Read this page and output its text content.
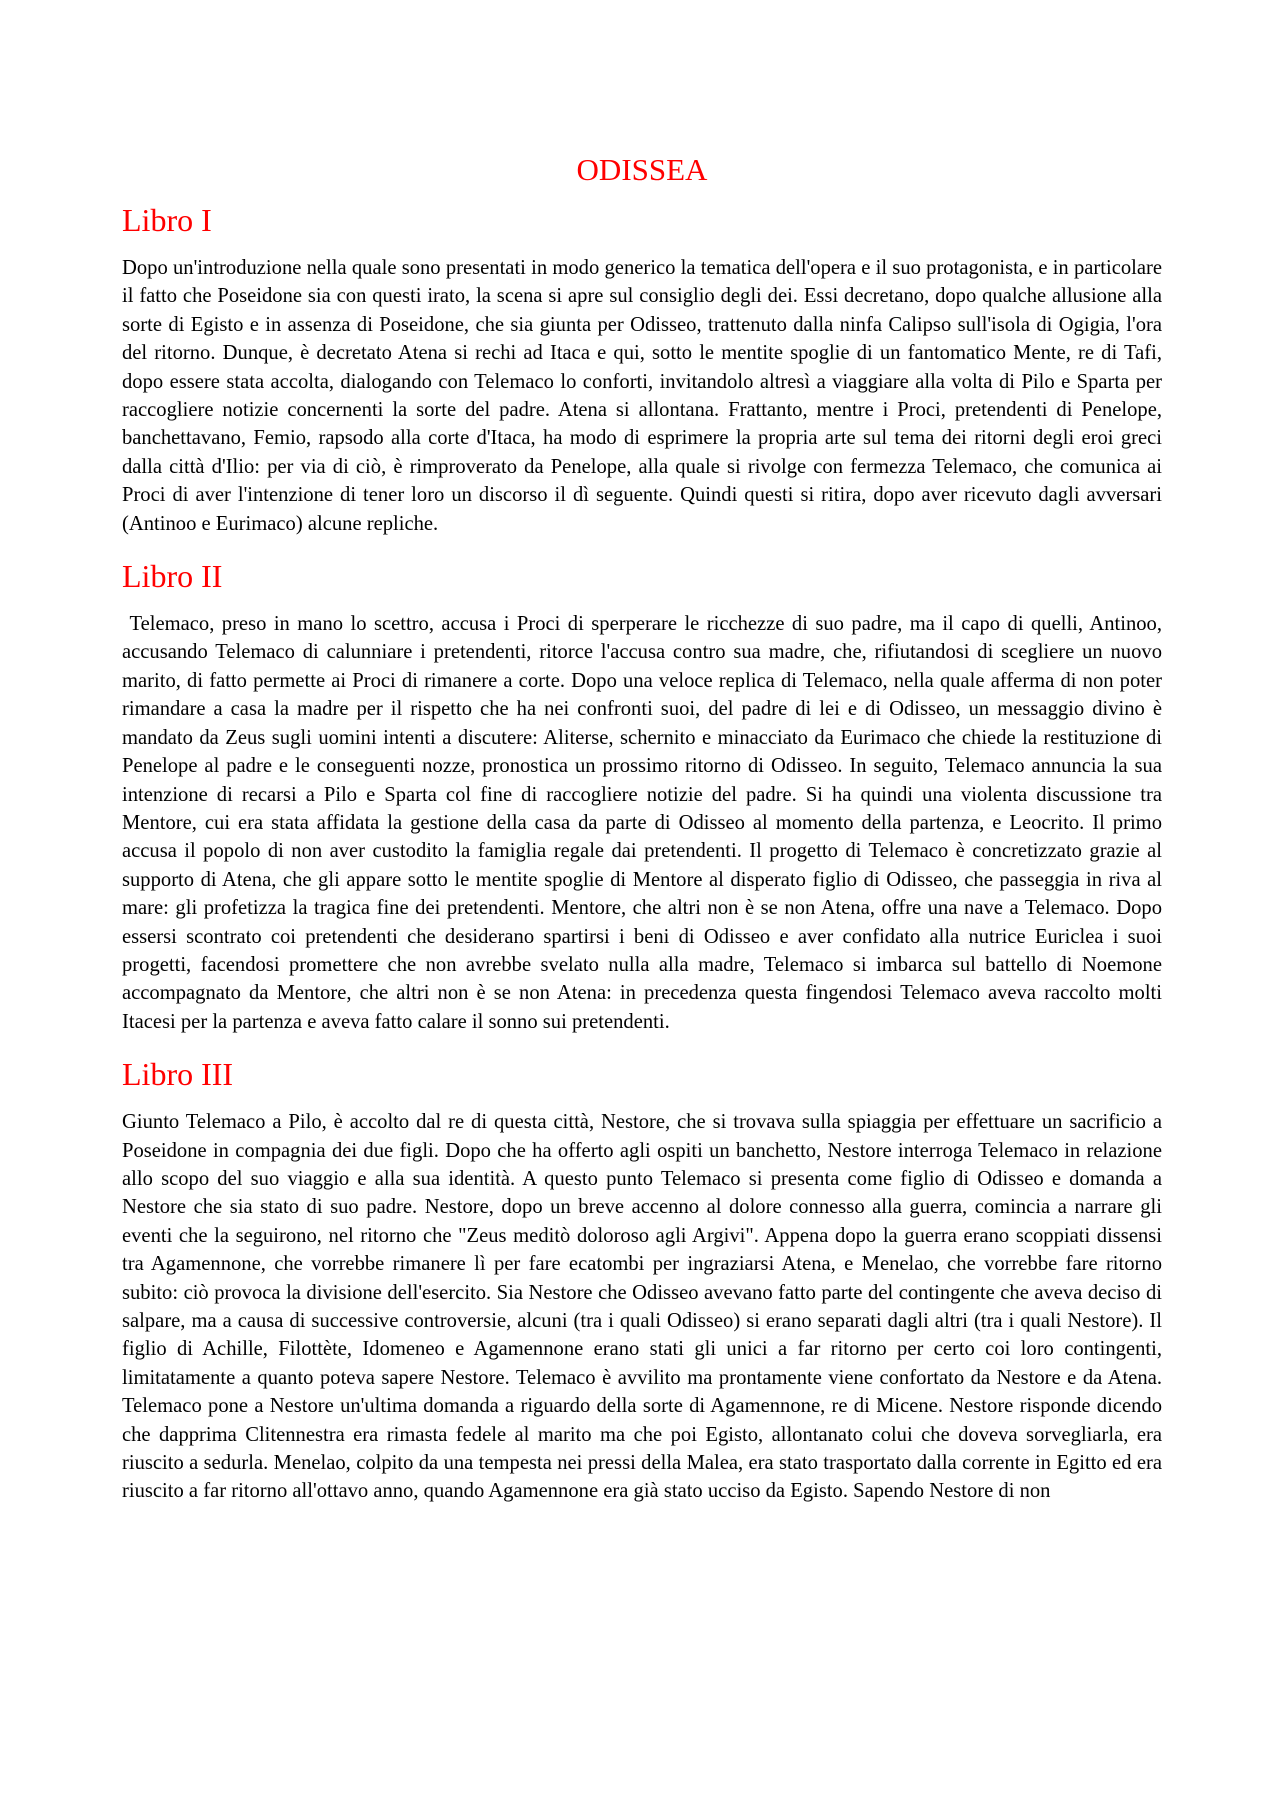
ODISSEA
Libro I

Dopo un'introduzione nella quale sono presentati in modo generico la tematica dell'opera e il suo protagonista, e in particolare il fatto che Poseidone sia con questi irato, la scena si apre sul consiglio degli dei. Essi decretano, dopo qualche allusione alla sorte di Egisto e in assenza di Poseidone, che sia giunta per Odisseo, trattenuto dalla ninfa Calipso sull'isola di Ogigia, l'ora del ritorno. Dunque, è decretato Atena si rechi ad Itaca e qui, sotto le mentite spoglie di un fantomatico Mente, re di Tafi, dopo essere stata accolta, dialogando con Telemaco lo conforti, invitandolo altresì a viaggiare alla volta di Pilo e Sparta per raccogliere notizie concernenti la sorte del padre. Atena si allontana. Frattanto, mentre i Proci, pretendenti di Penelope, banchettavano, Femio, rapsodo alla corte d'Itaca, ha modo di esprimere la propria arte sul tema dei ritorni degli eroi greci dalla città d'Ilio: per via di ciò, è rimproverato da Penelope, alla quale si rivolge con fermezza Telemaco, che comunica ai Proci di aver l'intenzione di tener loro un discorso il dì seguente. Quindi questi si ritira, dopo aver ricevuto dagli avversari (Antinoo e Eurimaco) alcune repliche.

Libro II

Telemaco, preso in mano lo scettro, accusa i Proci di sperperare le ricchezze di suo padre, ma il capo di quelli, Antinoo, accusando Telemaco di calunniare i pretendenti, ritorce l'accusa contro sua madre, che, rifiutandosi di scegliere un nuovo marito, di fatto permette ai Proci di rimanere a corte. Dopo una veloce replica di Telemaco, nella quale afferma di non poter rimandare a casa la madre per il rispetto che ha nei confronti suoi, del padre di lei e di Odisseo, un messaggio divino è mandato da Zeus sugli uomini intenti a discutere: Aliterse, schernito e minacciato da Eurimaco che chiede la restituzione di Penelope al padre e le conseguenti nozze, pronostica un prossimo ritorno di Odisseo. In seguito, Telemaco annuncia la sua intenzione di recarsi a Pilo e Sparta col fine di raccogliere notizie del padre. Si ha quindi una violenta discussione tra Mentore, cui era stata affidata la gestione della casa da parte di Odisseo al momento della partenza, e Leocrito. Il primo accusa il popolo di non aver custodito la famiglia regale dai pretendenti. Il progetto di Telemaco è concretizzato grazie al supporto di Atena, che gli appare sotto le mentite spoglie di Mentore al disperato figlio di Odisseo, che passeggia in riva al mare: gli profetizza la tragica fine dei pretendenti. Mentore, che altri non è se non Atena, offre una nave a Telemaco. Dopo essersi scontrato coi pretendenti che desiderano spartirsi i beni di Odisseo e aver confidato alla nutrice Euriclea i suoi progetti, facendosi promettere che non avrebbe svelato nulla alla madre, Telemaco si imbarca sul battello di Noemone accompagnato da Mentore, che altri non è se non Atena: in precedenza questa fingendosi Telemaco aveva raccolto molti Itacesi per la partenza e aveva fatto calare il sonno sui pretendenti.

Libro III

Giunto Telemaco a Pilo, è accolto dal re di questa città, Nestore, che si trovava sulla spiaggia per effettuare un sacrificio a Poseidone in compagnia dei due figli. Dopo che ha offerto agli ospiti un banchetto, Nestore interroga Telemaco in relazione allo scopo del suo viaggio e alla sua identità. A questo punto Telemaco si presenta come figlio di Odisseo e domanda a Nestore che sia stato di suo padre. Nestore, dopo un breve accenno al dolore connesso alla guerra, comincia a narrare gli eventi che la seguirono, nel ritorno che "Zeus meditò doloroso agli Argivi". Appena dopo la guerra erano scoppiati dissensi tra Agamennone, che vorrebbe rimanere lì per fare ecatombi per ingraziarsi Atena, e Menelao, che vorrebbe fare ritorno subito: ciò provoca la divisione dell'esercito. Sia Nestore che Odisseo avevano fatto parte del contingente che aveva deciso di salpare, ma a causa di successive controversie, alcuni (tra i quali Odisseo) si erano separati dagli altri (tra i quali Nestore). Il figlio di Achille, Filottète, Idomeneo e Agamennone erano stati gli unici a far ritorno per certo coi loro contingenti, limitatamente a quanto poteva sapere Nestore. Telemaco è avvilito ma prontamente viene confortato da Nestore e da Atena. Telemaco pone a Nestore un'ultima domanda a riguardo della sorte di Agamennone, re di Micene. Nestore risponde dicendo che dapprima Clitennestra era rimasta fedele al marito ma che poi Egisto, allontanato colui che doveva sorvegliarla, era riuscito a sedurla. Menelao, colpito da una tempesta nei pressi della Malea, era stato trasportato dalla corrente in Egitto ed era riuscito a far ritorno all'ottavo anno, quando Agamennone era già stato ucciso da Egisto. Sapendo Nestore di non
